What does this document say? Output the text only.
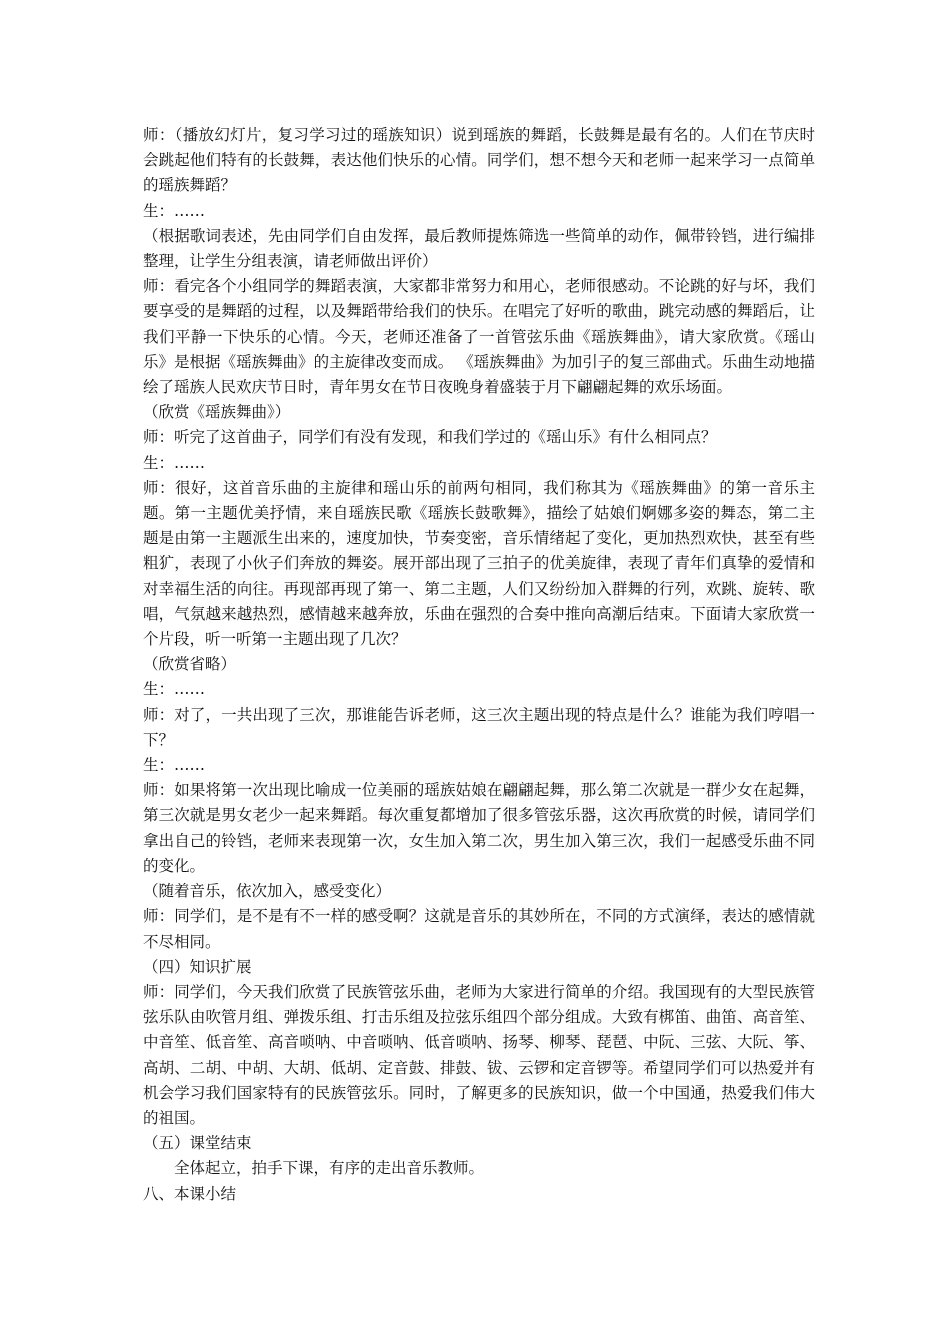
师：（播放幻灯片，复习学习过的瑶族知识）说到瑶族的舞蹈，长鼓舞是最有名的。人们在节庆时会跳起他们特有的长鼓舞，表达他们快乐的心情。同学们，想不想今天和老师一起来学习一点简单的瑶族舞蹈？

生：……

（根据歌词表述，先由同学们自由发挥，最后教师提炼筛选一些简单的动作，佩带铃铛，进行编排整理，让学生分组表演，请老师做出评价）

师：看完各个小组同学的舞蹈表演，大家都非常努力和用心，老师很感动。不论跳的好与坏，我们要享受的是舞蹈的过程，以及舞蹈带给我们的快乐。在唱完了好听的歌曲，跳完动感的舞蹈后，让我们平静一下快乐的心情。今天，老师还准备了一首管弦乐曲《瑶族舞曲》，请大家欣赏。《瑶山乐》是根据《瑶族舞曲》的主旋律改变而成。 《瑶族舞曲》为加引子的复三部曲式。乐曲生动地描绘了瑶族人民欢庆节日时，青年男女在节日夜晚身着盛装于月下翩翩起舞的欢乐场面。

（欣赏《瑶族舞曲》）

师：听完了这首曲子，同学们有没有发现，和我们学过的《瑶山乐》有什么相同点？

生：……

师：很好，这首音乐曲的主旋律和瑶山乐的前两句相同，我们称其为《瑶族舞曲》的第一音乐主题。第一主题优美抒情，来自瑶族民歌《瑶族长鼓歌舞》，描绘了姑娘们婀娜多姿的舞态，第二主题是由第一主题派生出来的，速度加快，节奏变密，音乐情绪起了变化，更加热烈欢快，甚至有些粗犷，表现了小伙子们奔放的舞姿。展开部出现了三拍子的优美旋律，表现了青年们真挚的爱情和对幸福生活的向往。再现部再现了第一、第二主题，人们又纷纷加入群舞的行列，欢跳、旋转、歌唱，气氛越来越热烈，感情越来越奔放，乐曲在强烈的合奏中推向高潮后结束。下面请大家欣赏一个片段，听一听第一主题出现了几次？

（欣赏省略）

生：……

师：对了，一共出现了三次，那谁能告诉老师，这三次主题出现的特点是什么？谁能为我们哼唱一下？

生：……

师：如果将第一次出现比喻成一位美丽的瑶族姑娘在翩翩起舞，那么第二次就是一群少女在起舞，第三次就是男女老少一起来舞蹈。每次重复都增加了很多管弦乐器，这次再欣赏的时候，请同学们拿出自己的铃铛，老师来表现第一次，女生加入第二次，男生加入第三次，我们一起感受乐曲不同的变化。

（随着音乐，依次加入，感受变化）

师：同学们，是不是有不一样的感受啊？这就是音乐的其妙所在，不同的方式演绎，表达的感情就不尽相同。

（四）知识扩展

师：同学们，今天我们欣赏了民族管弦乐曲，老师为大家进行简单的介绍。我国现有的大型民族管弦乐队由吹管月组、弹拨乐组、打击乐组及拉弦乐组四个部分组成。大致有梆笛、曲笛、高音笙、中音笙、低音笙、高音唢呐、中音唢呐、低音唢呐、扬琴、柳琴、琵琶、中阮、三弦、大阮、筝、高胡、二胡、中胡、大胡、低胡、定音鼓、排鼓、钹、云锣和定音锣等。希望同学们可以热爱并有机会学习我们国家特有的民族管弦乐。同时，了解更多的民族知识，做一个中国通，热爱我们伟大的祖国。

（五）课堂结束

全体起立，拍手下课，有序的走出音乐教师。

八、本课小结
